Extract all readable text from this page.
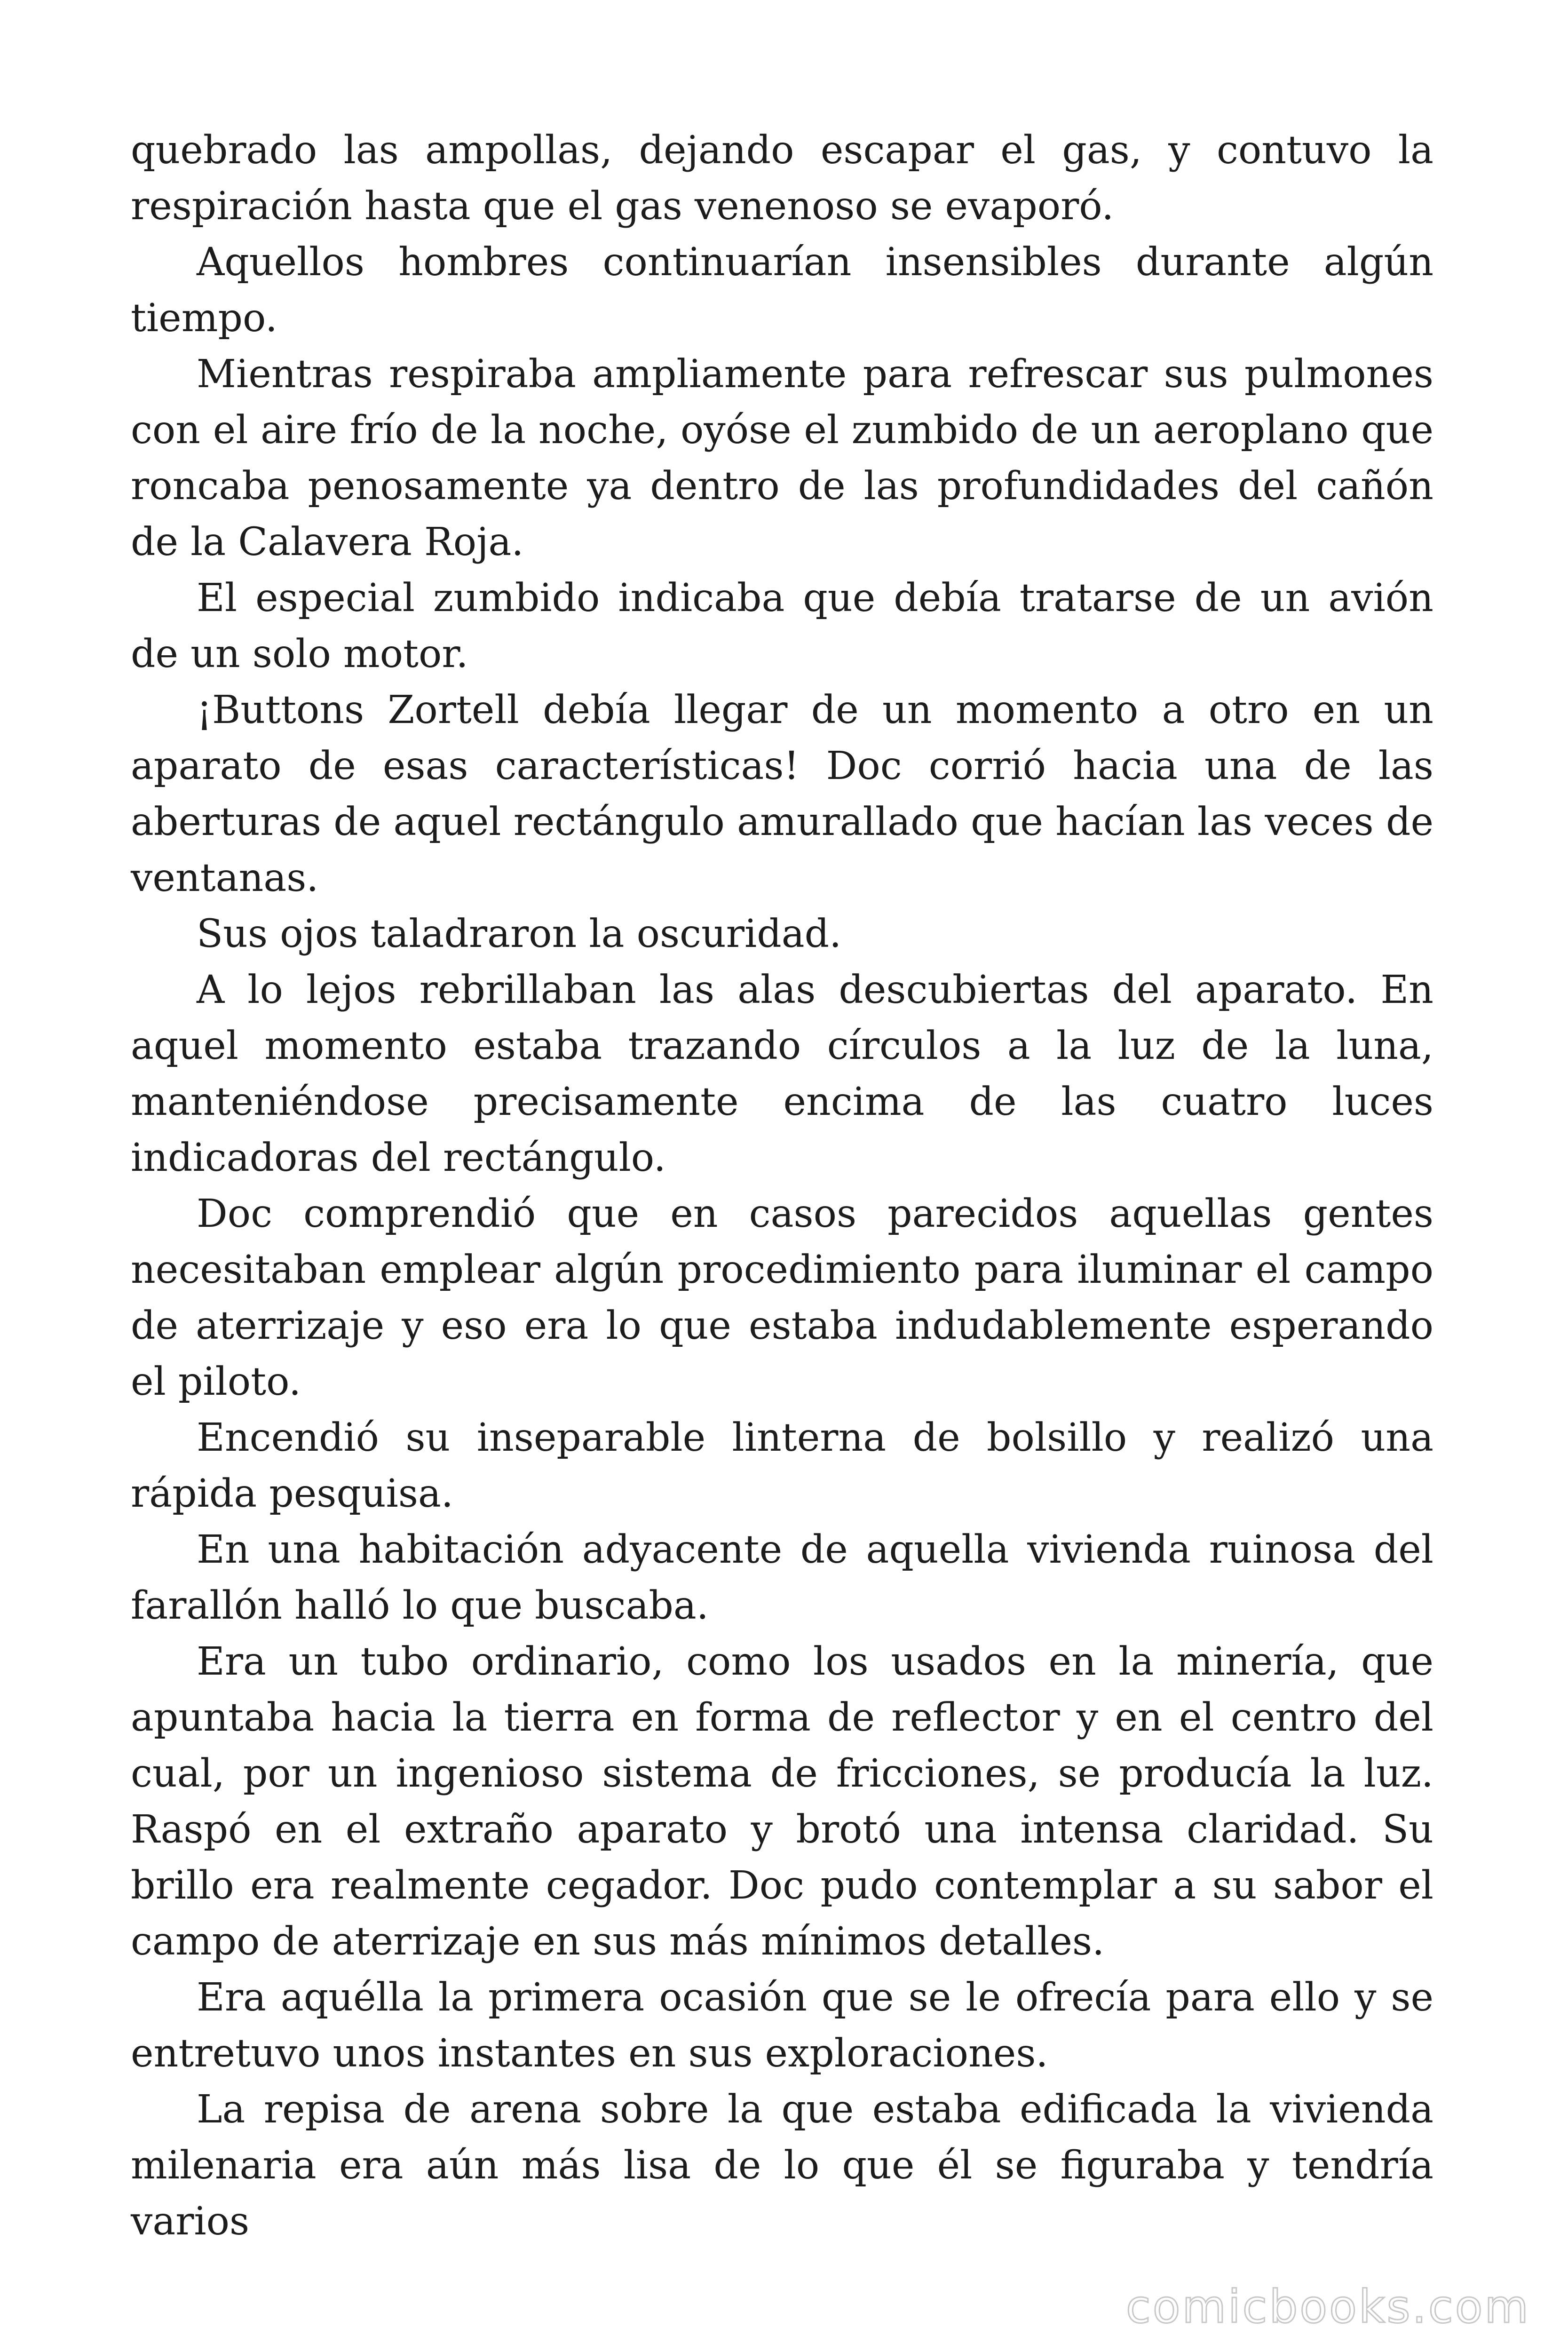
quebrado las ampollas, dejando escapar el gas, y contuvo la respiración hasta que el gas venenoso se evaporó.

Aquellos hombres continuarían insensibles durante algún tiempo.

Mientras respiraba ampliamente para refrescar sus pulmones con el aire frío de la noche, oyóse el zumbido de un aeroplano que roncaba penosamente ya dentro de las profundidades del cañón de la Calavera Roja.

El especial zumbido indicaba que debía tratarse de un avión de un solo motor.

¡Buttons Zortell debía llegar de un momento a otro en un aparato de esas características! Doc corrió hacia una de las aberturas de aquel rectángulo amurallado que hacían las veces de ventanas.

Sus ojos taladraron la oscuridad.

A lo lejos rebrillaban las alas descubiertas del aparato. En aquel momento estaba trazando círculos a la luz de la luna, manteniéndose precisamente encima de las cuatro luces indicadoras del rectángulo.

Doc comprendió que en casos parecidos aquellas gentes necesitaban emplear algún procedimiento para iluminar el campo de aterrizaje y eso era lo que estaba indudablemente esperando el piloto.

Encendió su inseparable linterna de bolsillo y realizó una rápida pesquisa.

En una habitación adyacente de aquella vivienda ruinosa del farallón halló lo que buscaba.

Era un tubo ordinario, como los usados en la minería, que apuntaba hacia la tierra en forma de reflector y en el centro del cual, por un ingenioso sistema de fricciones, se producía la luz. Raspó en el extraño aparato y brotó una intensa claridad. Su brillo era realmente cegador. Doc pudo contemplar a su sabor el campo de aterrizaje en sus más mínimos detalles.

Era aquélla la primera ocasión que se le ofrecía para ello y se entretuvo unos instantes en sus exploraciones.

La repisa de arena sobre la que estaba edificada la vivienda milenaria era aún más lisa de lo que él se figuraba y tendría varios

comicbooks.com
